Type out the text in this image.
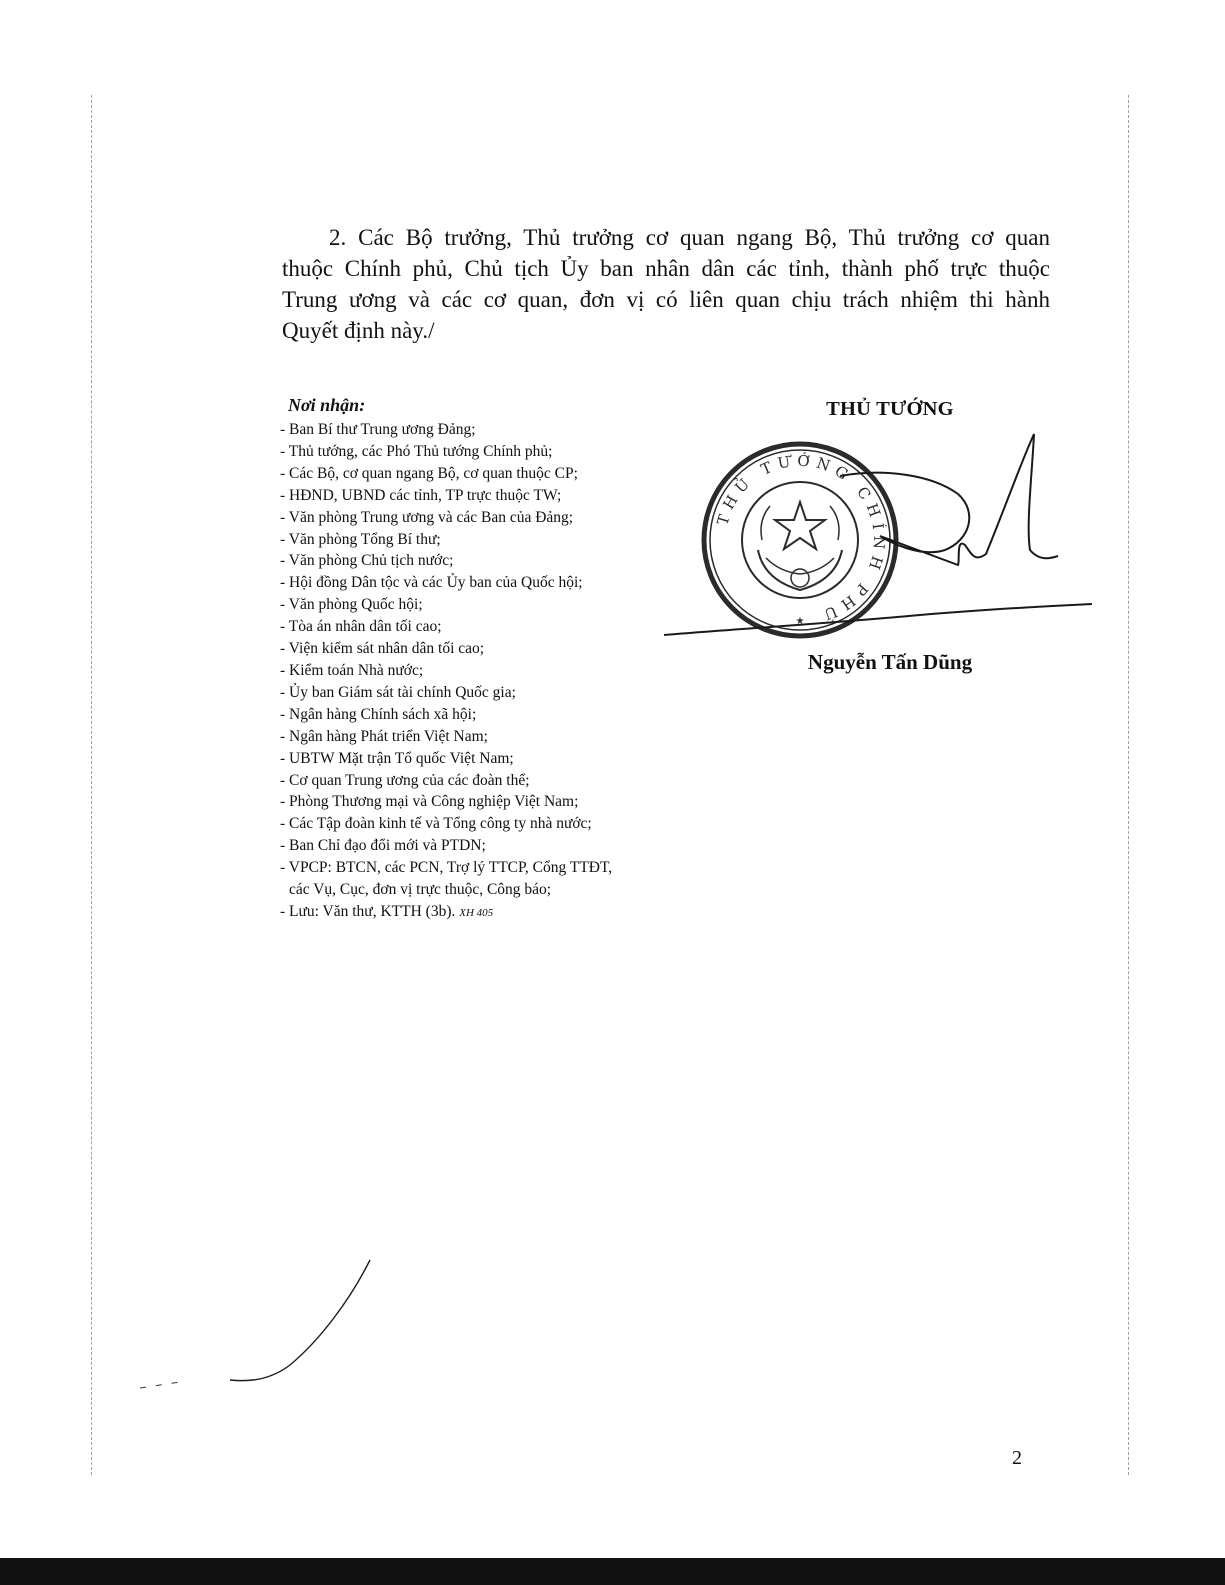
2. Các Bộ trưởng, Thủ trưởng cơ quan ngang Bộ, Thủ trưởng cơ quan
thuộc Chính phủ, Chủ tịch Ủy ban nhân dân các tỉnh, thành phố trực thuộc
Trung ương và các cơ quan, đơn vị có liên quan chịu trách nhiệm thi hành
Quyết định này./
Nơi nhận:
- Ban Bí thư Trung ương Đảng;
- Thủ tướng, các Phó Thủ tướng Chính phủ;
- Các Bộ, cơ quan ngang Bộ, cơ quan thuộc CP;
- HĐND, UBND các tỉnh, TP trực thuộc TW;
- Văn phòng Trung ương và các Ban của Đảng;
- Văn phòng Tổng Bí thư;
- Văn phòng Chủ tịch nước;
- Hội đồng Dân tộc và các Ủy ban của Quốc hội;
- Văn phòng Quốc hội;
- Tòa án nhân dân tối cao;
- Viện kiểm sát nhân dân tối cao;
- Kiểm toán Nhà nước;
- Ủy ban Giám sát tài chính Quốc gia;
- Ngân hàng Chính sách xã hội;
- Ngân hàng Phát triển Việt Nam;
- UBTW Mặt trận Tổ quốc Việt Nam;
- Cơ quan Trung ương của các đoàn thể;
- Phòng Thương mại và Công nghiệp Việt Nam;
- Các Tập đoàn kinh tế và Tổng công ty nhà nước;
- Ban Chỉ đạo đổi mới và PTDN;
- VPCP: BTCN, các PCN, Trợ lý TTCP, Cổng TTĐT,
các Vụ, Cục, đơn vị trực thuộc, Công báo;
- Lưu: Văn thư, KTTH (3b). XH 405
THỦ TƯỚNG
THỦ TƯỚNG CHÍNH PHỦ
★
Nguyễn Tấn Dũng
2
